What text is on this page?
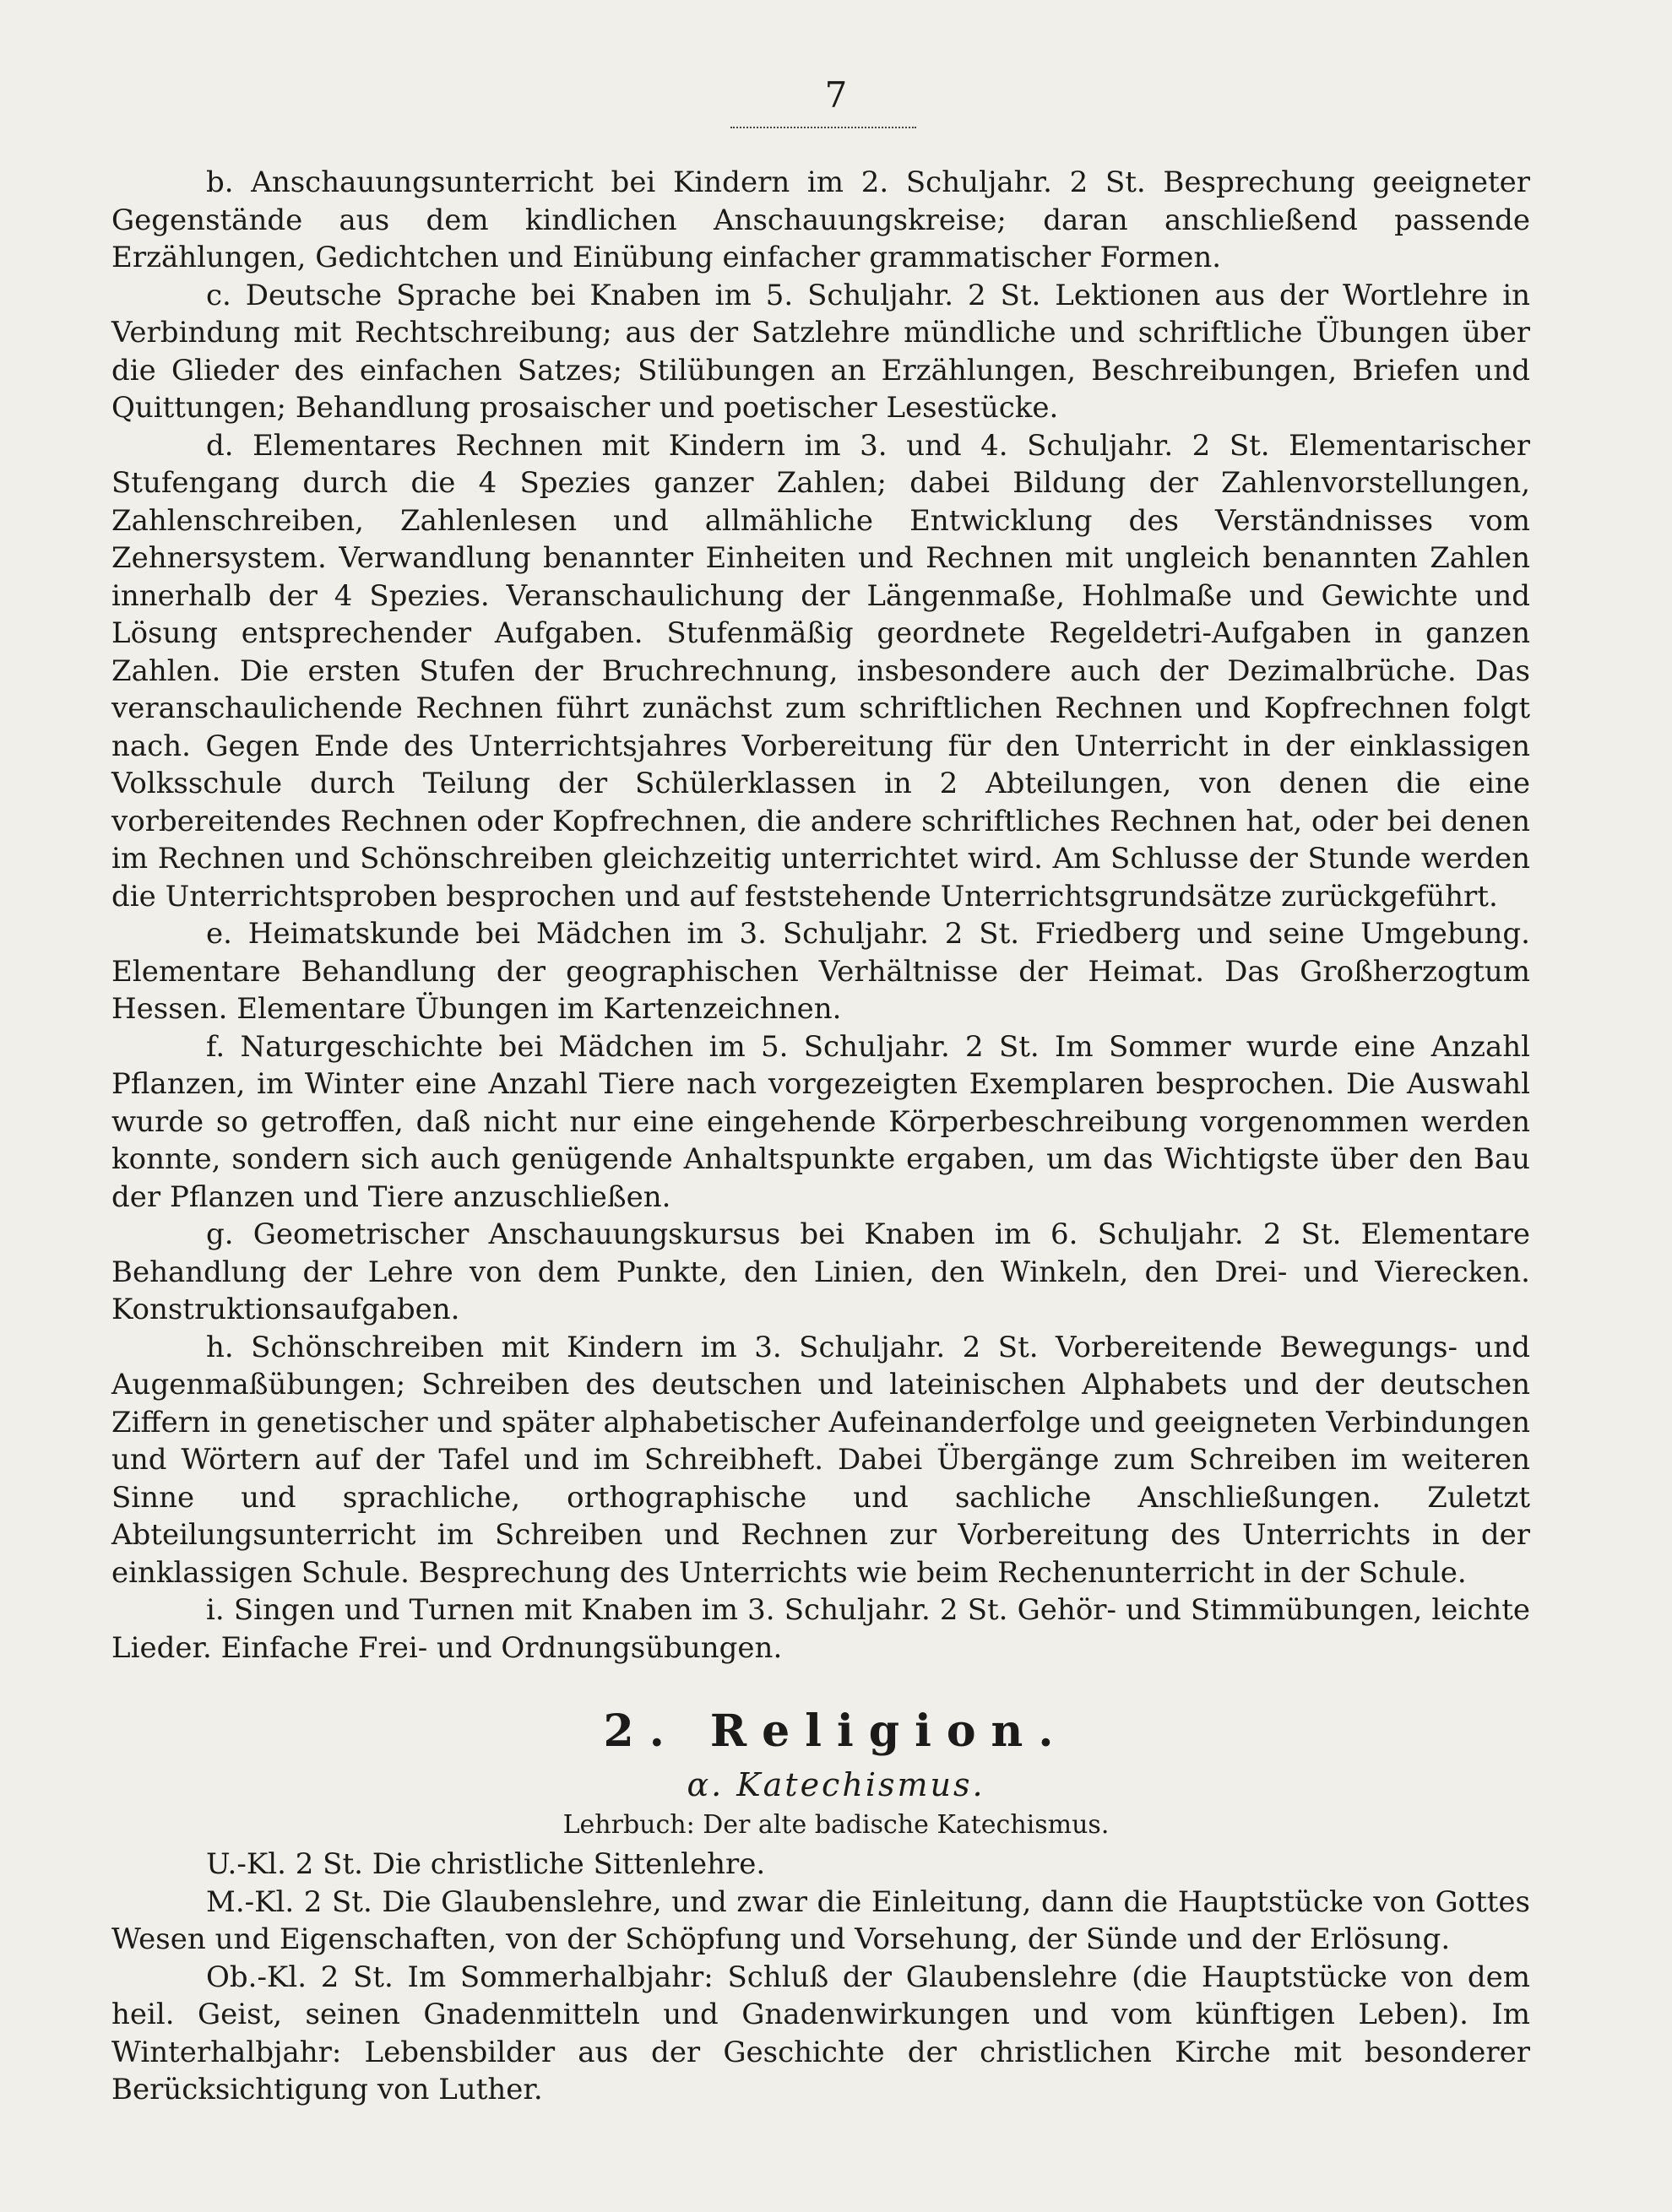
7

b. Anschauungsunterricht bei Kindern im 2. Schuljahr. 2 St. Besprechung geeigneter Gegenstände aus dem kindlichen Anschauungskreise; daran anschließend passende Erzählungen, Gedichtchen und Einübung einfacher grammatischer Formen.

c. Deutsche Sprache bei Knaben im 5. Schuljahr. 2 St. Lektionen aus der Wortlehre in Verbindung mit Rechtschreibung; aus der Satzlehre mündliche und schriftliche Übungen über die Glieder des einfachen Satzes; Stilübungen an Erzählungen, Beschreibungen, Briefen und Quittungen; Behandlung prosaischer und poetischer Lesestücke.

d. Elementares Rechnen mit Kindern im 3. und 4. Schuljahr. 2 St. Elementarischer Stufengang durch die 4 Spezies ganzer Zahlen; dabei Bildung der Zahlenvorstellungen, Zahlenschreiben, Zahlenlesen und allmähliche Entwicklung des Verständnisses vom Zehnersystem. Verwandlung benannter Einheiten und Rechnen mit ungleich benannten Zahlen innerhalb der 4 Spezies. Veranschaulichung der Längenmaße, Hohlmaße und Gewichte und Lösung entsprechender Aufgaben. Stufenmäßig geordnete Regeldetri-Aufgaben in ganzen Zahlen. Die ersten Stufen der Bruchrechnung, insbesondere auch der Dezimalbrüche. Das veranschaulichende Rechnen führt zunächst zum schriftlichen Rechnen und Kopfrechnen folgt nach. Gegen Ende des Unterrichtsjahres Vorbereitung für den Unterricht in der einklassigen Volksschule durch Teilung der Schülerklassen in 2 Abteilungen, von denen die eine vorbereitendes Rechnen oder Kopfrechnen, die andere schriftliches Rechnen hat, oder bei denen im Rechnen und Schönschreiben gleichzeitig unterrichtet wird. Am Schlusse der Stunde werden die Unterrichtsproben besprochen und auf feststehende Unterrichtsgrundsätze zurückgeführt.

e. Heimatskunde bei Mädchen im 3. Schuljahr. 2 St. Friedberg und seine Umgebung. Elementare Behandlung der geographischen Verhältnisse der Heimat. Das Großherzogtum Hessen. Elementare Übungen im Kartenzeichnen.

f. Naturgeschichte bei Mädchen im 5. Schuljahr. 2 St. Im Sommer wurde eine Anzahl Pflanzen, im Winter eine Anzahl Tiere nach vorgezeigten Exemplaren besprochen. Die Auswahl wurde so getroffen, daß nicht nur eine eingehende Körperbeschreibung vorgenommen werden konnte, sondern sich auch genügende Anhaltspunkte ergaben, um das Wichtigste über den Bau der Pflanzen und Tiere anzuschließen.

g. Geometrischer Anschauungskursus bei Knaben im 6. Schuljahr. 2 St. Elementare Behandlung der Lehre von dem Punkte, den Linien, den Winkeln, den Drei- und Vierecken. Konstruktionsaufgaben.

h. Schönschreiben mit Kindern im 3. Schuljahr. 2 St. Vorbereitende Bewegungs- und Augenmaßübungen; Schreiben des deutschen und lateinischen Alphabets und der deutschen Ziffern in genetischer und später alphabetischer Aufeinanderfolge und geeigneten Verbindungen und Wörtern auf der Tafel und im Schreibheft. Dabei Übergänge zum Schreiben im weiteren Sinne und sprachliche, orthographische und sachliche Anschließungen. Zuletzt Abteilungsunterricht im Schreiben und Rechnen zur Vorbereitung des Unterrichts in der einklassigen Schule. Besprechung des Unterrichts wie beim Rechenunterricht in der Schule.

i. Singen und Turnen mit Knaben im 3. Schuljahr. 2 St. Gehör- und Stimmübungen, leichte Lieder. Einfache Frei- und Ordnungsübungen.

2. Religion.
α. Katechismus.
Lehrbuch: Der alte badische Katechismus.

U.-Kl. 2 St. Die christliche Sittenlehre.

M.-Kl. 2 St. Die Glaubenslehre, und zwar die Einleitung, dann die Hauptstücke von Gottes Wesen und Eigenschaften, von der Schöpfung und Vorsehung, der Sünde und der Erlösung.

Ob.-Kl. 2 St. Im Sommerhalbjahr: Schluß der Glaubenslehre (die Hauptstücke von dem heil. Geist, seinen Gnadenmitteln und Gnadenwirkungen und vom künftigen Leben). Im Winterhalbjahr: Lebensbilder aus der Geschichte der christlichen Kirche mit besonderer Berücksichtigung von Luther.
